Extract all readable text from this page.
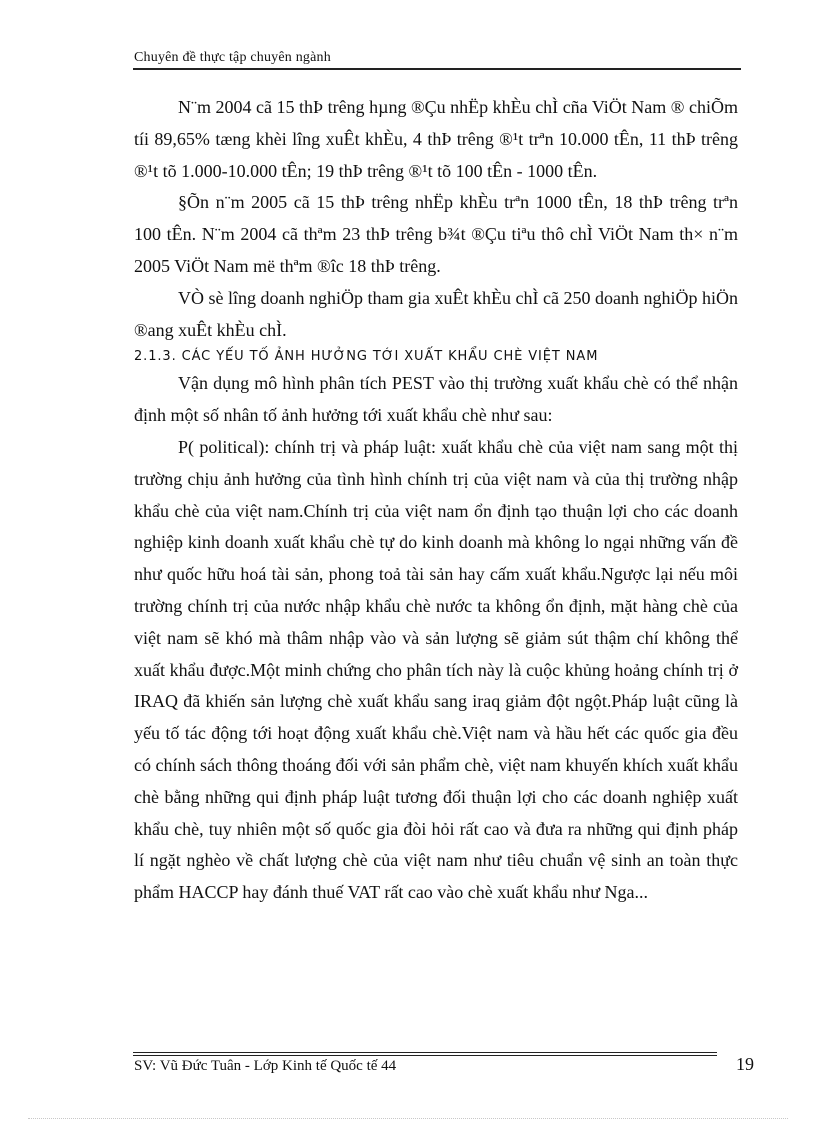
Chuyên đề thực tập chuyên ngành

N¨m 2004 cã 15 thÞ trêng hµng ®Çu nhËp khÈu chÌ cña ViÖt Nam ® chiÕm tíi 89,65% tæng khèi lîng xuÊt khÈu, 4 thÞ trêng ®¹t trªn 10.000 tÊn, 11 thÞ trêng ®¹t tõ 1.000-10.000 tÊn; 19 thÞ trêng ®¹t tõ 100 tÊn - 1000 tÊn.

§Õn n¨m 2005 cã 15 thÞ trêng nhËp khÈu trªn 1000 tÊn, 18 thÞ trêng trªn 100 tÊn. N¨m 2004 cã thªm 23 thÞ trêng b¾t ®Çu tiªu thô chÌ ViÖt Nam th× n¨m 2005 ViÖt Nam më thªm ®îc 18 thÞ trêng.

VÒ sè lîng doanh nghiÖp tham gia xuÊt khÈu chÌ cã 250 doanh nghiÖp hiÖn ®ang xuÊt khÈu chÌ.

2.1.3. CÁC YẾU TỐ ẢNH HƯỞNG TỚI XUẤT KHẨU CHÈ VIỆT NAM

Vận dụng mô hình phân tích PEST vào thị trường xuất khẩu chè có thể nhận định một số nhân tố ảnh hưởng tới xuất khẩu chè như sau:

P( political): chính trị và pháp luật: xuất khẩu chè của việt nam sang một thị trường chịu ảnh hưởng của tình hình chính trị của việt nam và của thị trường nhập khẩu chè của việt nam.Chính trị của việt nam ổn định tạo thuận lợi cho các doanh nghiệp kinh doanh xuất khẩu chè tự do kinh doanh mà không lo ngại những vấn đề như quốc hữu hoá tài sản, phong toả tài sản hay cấm xuất khẩu.Ngược lại nếu môi trường chính trị của nước nhập khẩu chè nước ta không ổn định, mặt hàng chè của việt nam sẽ khó mà thâm nhập vào và sản lượng sẽ giảm sút thậm chí không thể xuất khẩu được.Một minh chứng cho phân tích này là cuộc khủng hoảng chính trị ở IRAQ đã khiến sản lượng chè xuất khẩu sang iraq giảm đột ngột.Pháp luật cũng là yếu tố tác động tới hoạt động xuất khẩu chè.Việt nam và hầu hết các quốc gia đều có chính sách thông thoáng đối với sản phẩm chè, việt nam khuyến khích xuất khẩu chè bằng những qui định pháp luật tương đối thuận lợi cho các doanh nghiệp xuất khẩu chè, tuy nhiên một số quốc gia đòi hỏi rất cao và đưa ra những qui định pháp lí ngặt nghèo về chất lượng chè của việt nam như tiêu chuẩn vệ sinh an toàn thực phẩm HACCP hay đánh thuế VAT rất cao vào chè xuất khẩu như Nga...

SV: Vũ Đức Tuân - Lớp Kinh tế Quốc tế 44	19
